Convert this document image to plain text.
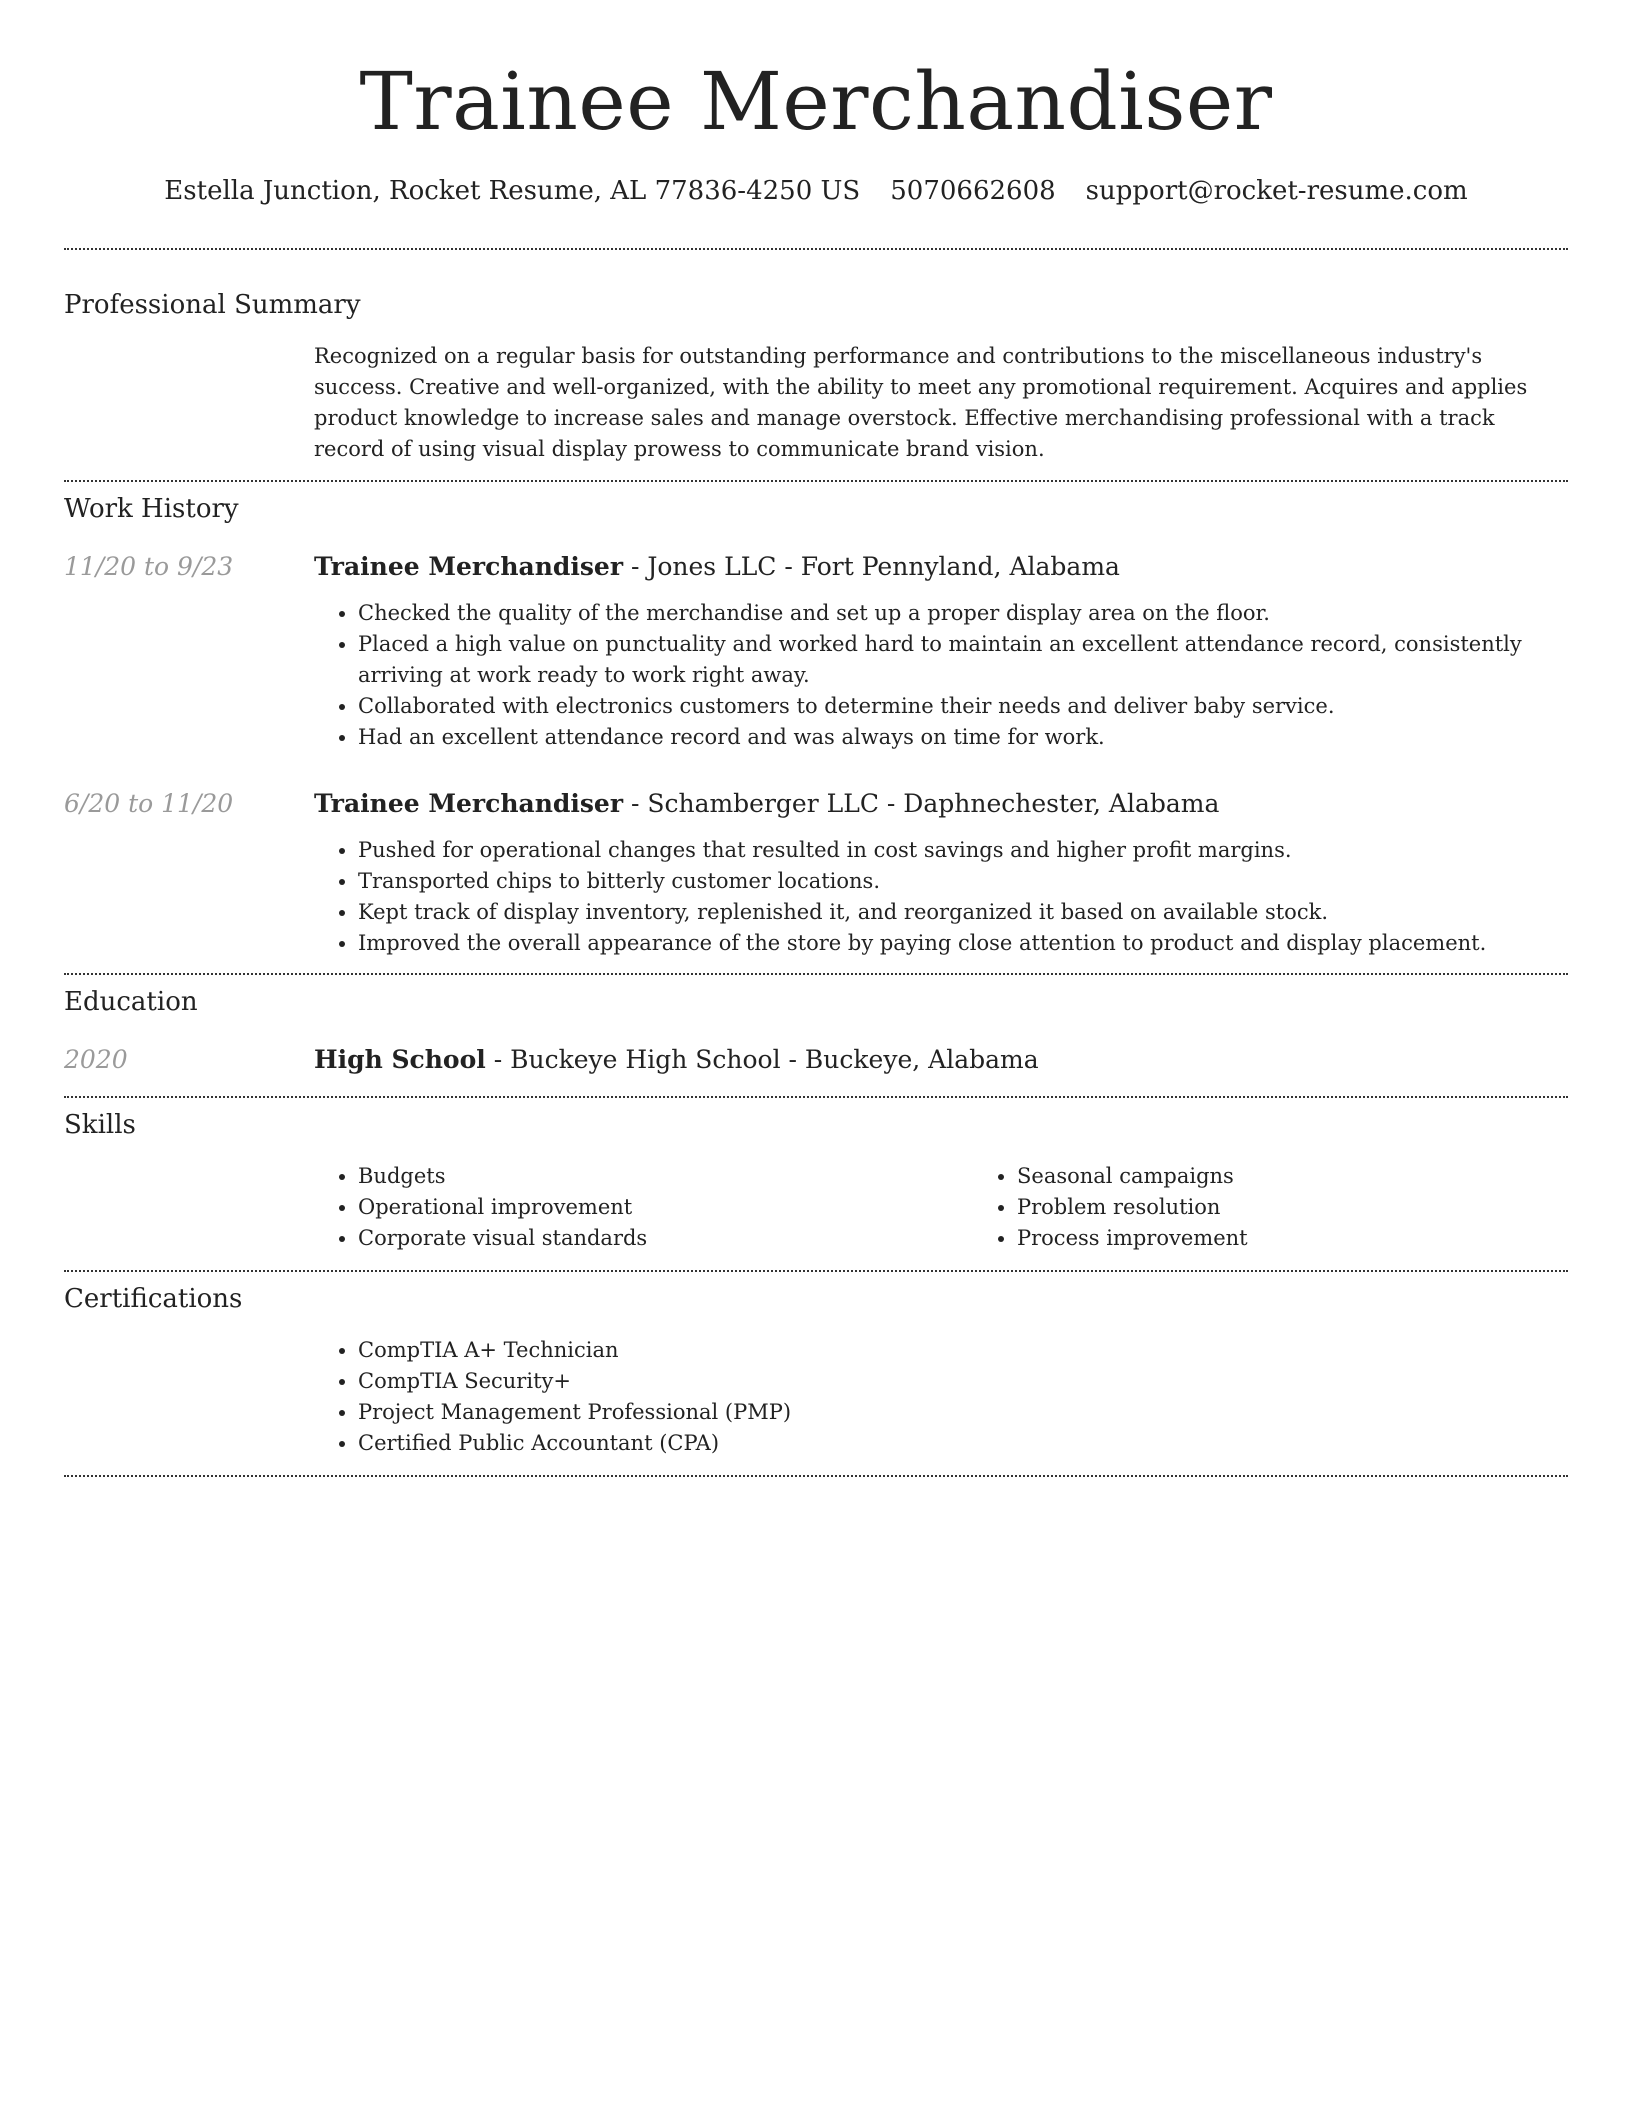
Trainee Merchandiser
Estella Junction, Rocket Resume, AL 77836-4250 US 5070662608 support@rocket-resume.com
Professional Summary

Recognized on a regular basis for outstanding performance and contributions to the miscellaneous industry's success. Creative and well-organized, with the ability to meet any promotional requirement. Acquires and applies product knowledge to increase sales and manage overstock. Effective merchandising professional with a track record of using visual display prowess to communicate brand vision.

Work History
11/20 to 9/23	Trainee Merchandiser - Jones LLC - Fort Pennyland, Alabama

• Checked the quality of the merchandise and set up a proper display area on the floor.
• Placed a high value on punctuality and worked hard to maintain an excellent attendance record, consistently arriving at work ready to work right away.
• Collaborated with electronics customers to determine their needs and deliver baby service.
• Had an excellent attendance record and was always on time for work.
6/20 to 11/20	Trainee Merchandiser - Schamberger LLC - Daphnechester, Alabama

• Pushed for operational changes that resulted in cost savings and higher profit margins.
• Transported chips to bitterly customer locations.
• Kept track of display inventory, replenished it, and reorganized it based on available stock.
• Improved the overall appearance of the store by paying close attention to product and display placement.
Education
2020	High School - Buckeye High School - Buckeye, Alabama

Skills
• Budgets
• Operational improvement
• Corporate visual standards
• Seasonal campaigns
• Problem resolution
• Process improvement
Certifications
• CompTIA A+ Technician
• CompTIA Security+
• Project Management Professional (PMP)
• Certified Public Accountant (CPA)
